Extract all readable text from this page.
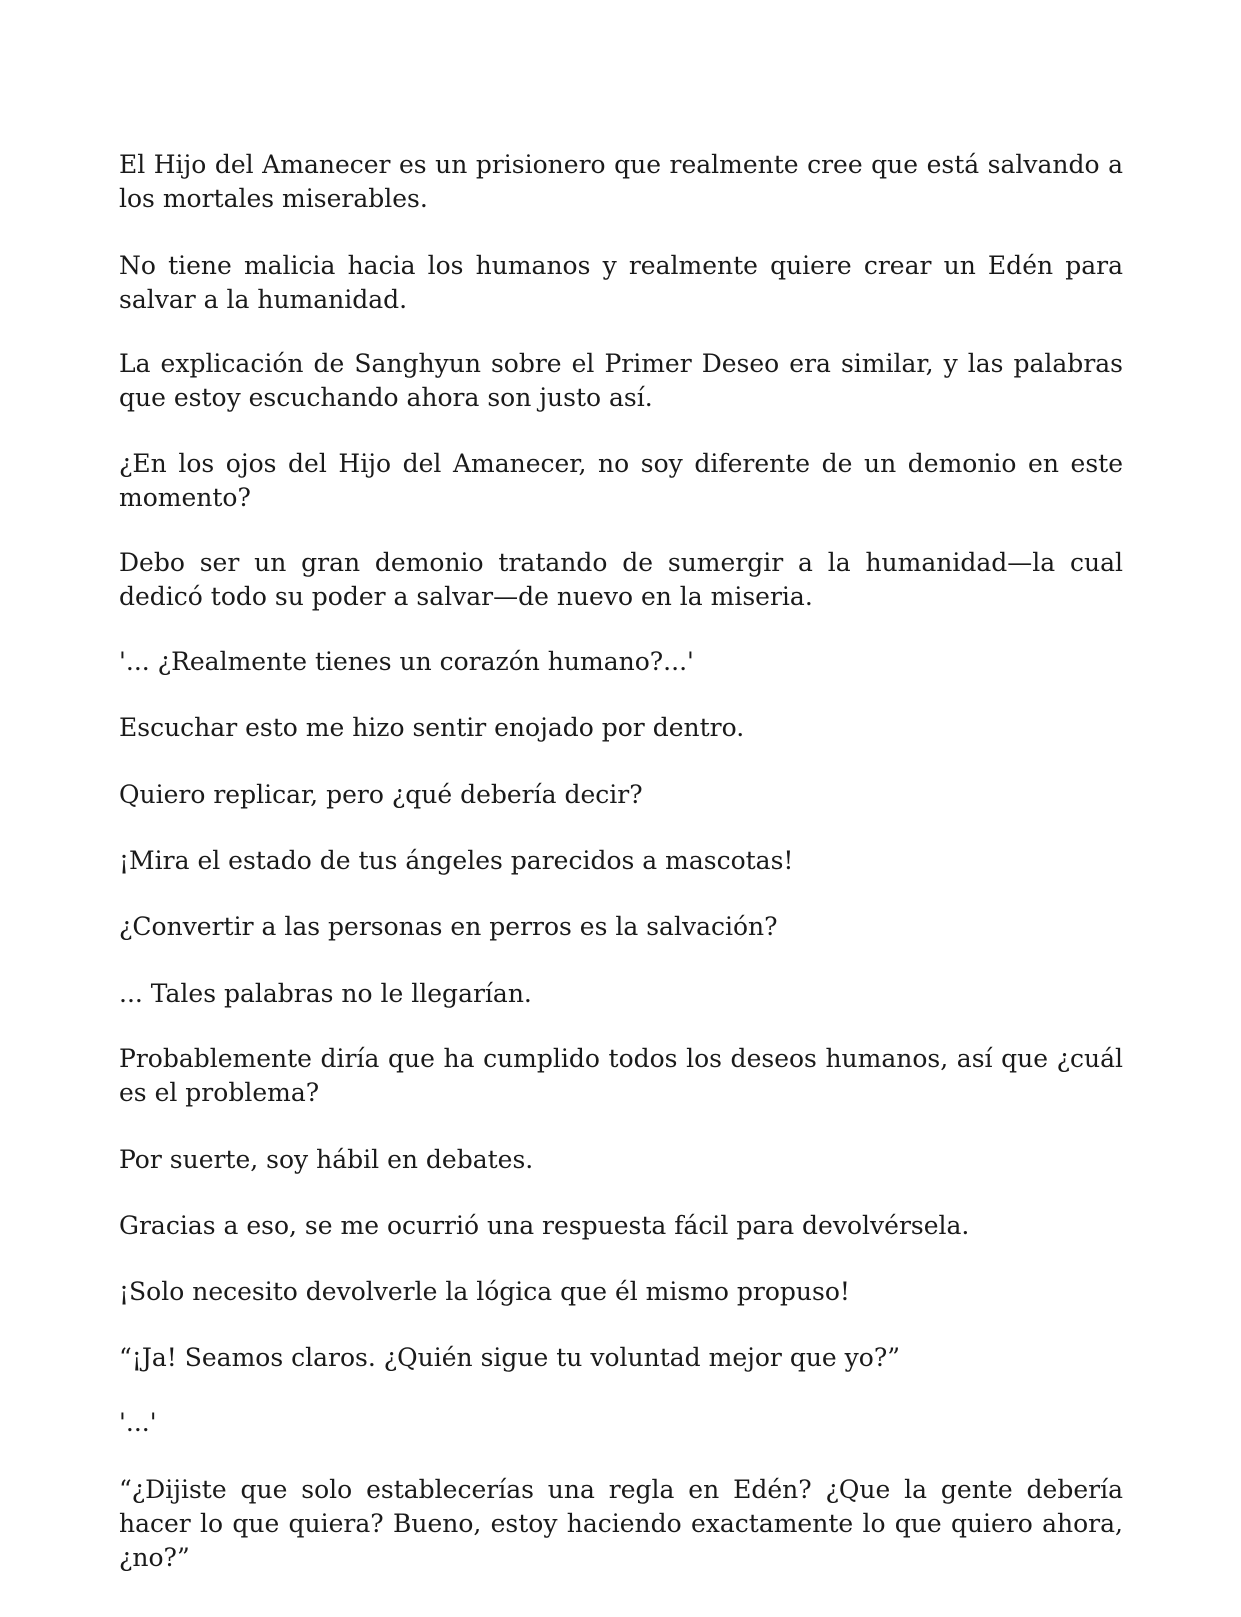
El Hijo del Amanecer es un prisionero que realmente cree que está salvando a los mortales miserables.

No tiene malicia hacia los humanos y realmente quiere crear un Edén para salvar a la humanidad.

La explicación de Sanghyun sobre el Primer Deseo era similar, y las palabras que estoy escuchando ahora son justo así.

¿En los ojos del Hijo del Amanecer, no soy diferente de un demonio en este momento?

Debo ser un gran demonio tratando de sumergir a la humanidad—la cual dedicó todo su poder a salvar—de nuevo en la miseria.

'... ¿Realmente tienes un corazón humano?...'

Escuchar esto me hizo sentir enojado por dentro.

Quiero replicar, pero ¿qué debería decir?

¡Mira el estado de tus ángeles parecidos a mascotas!

¿Convertir a las personas en perros es la salvación?

... Tales palabras no le llegarían.

Probablemente diría que ha cumplido todos los deseos humanos, así que ¿cuál es el problema?

Por suerte, soy hábil en debates.

Gracias a eso, se me ocurrió una respuesta fácil para devolvérsela.

¡Solo necesito devolverle la lógica que él mismo propuso!

“¡Ja! Seamos claros. ¿Quién sigue tu voluntad mejor que yo?”

'...'

“¿Dijiste que solo establecerías una regla en Edén? ¿Que la gente debería hacer lo que quiera? Bueno, estoy haciendo exactamente lo que quiero ahora, ¿no?”
